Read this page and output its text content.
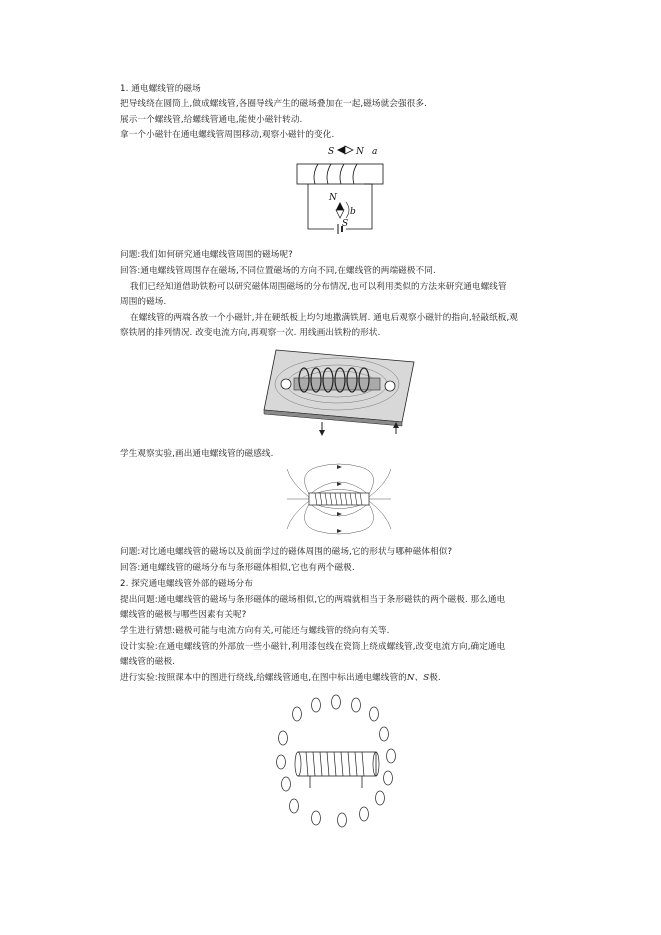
1. 通电螺线管的磁场
把导线绕在圆筒上,做成螺线管,各圈导线产生的磁场叠加在一起,磁场就会强很多.
展示一个螺线管,给螺线管通电,能使小磁针转动.
拿一个小磁针在通电螺线管周围移动,观察小磁针的变化.
S N a
N
b
S
问题:我们如何研究通电螺线管周围的磁场呢?
回答:通电螺线管周围存在磁场,不同位置磁场的方向不同,在螺线管的两端磁极不同.
我们已经知道借助铁粉可以研究磁体周围磁场的分布情况,也可以利用类似的方法来研究通电螺线管
周围的磁场.
在螺线管的两端各放一个小磁针,并在硬纸板上均匀地撒满铁屑. 通电后观察小磁针的指向,轻敲纸板,观
察铁屑的排列情况. 改变电流方向,再观察一次. 用线画出铁粉的形状.
学生观察实验,画出通电螺线管的磁感线.
问题:对比通电螺线管的磁场以及前面学过的磁体周围的磁场,它的形状与哪种磁体相似?
回答:通电螺线管的磁场分布与条形磁体相似,它也有两个磁极.
2. 探究通电螺线管外部的磁场分布
提出问题:通电螺线管的磁场与条形磁体的磁场相似,它的两端就相当于条形磁铁的两个磁极. 那么通电
螺线管的磁极与哪些因素有关呢?
学生进行猜想:磁极可能与电流方向有关,可能还与螺线管的绕向有关等.
设计实验:在通电螺线管的外部放一些小磁针,利用漆包线在瓷筒上绕成螺线管,改变电流方向,确定通电
螺线管的磁极.
进行实验:按照课本中的图进行绕线,给螺线管通电,在图中标出通电螺线管的N、S极.
